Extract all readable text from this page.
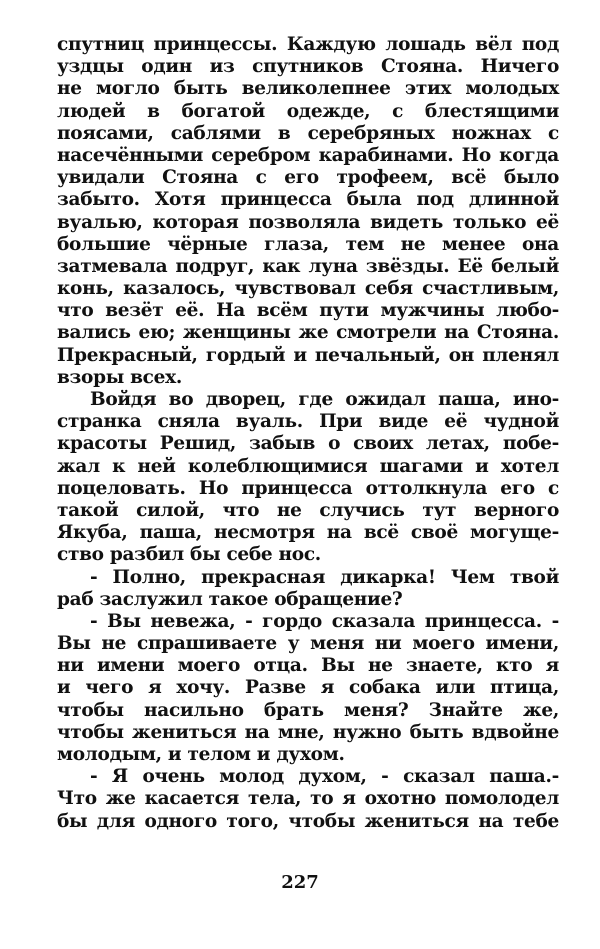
спутниц принцессы. Каждую лошадь вёл под
уздцы один из спутников Стояна. Ничего
не могло быть великолепнее этих молодых
людей в богатой одежде, с блестящими
поясами, саблями в серебряных ножнах с
насечёнными серебром карабинами. Но когда
увидали Стояна с его трофеем, всё было
забыто. Хотя принцесса была под длинной
вуалью, которая позволяла видеть только её
большие чёрные глаза, тем не менее она
затмевала подруг, как луна звёзды. Её белый
конь, казалось, чувствовал себя счастливым,
что везёт её. На всём пути мужчины любо-
вались ею; женщины же смотрели на Стояна.
Прекрасный, гордый и печальный, он пленял
взоры всех.
Войдя во дворец, где ожидал паша, ино-
странка сняла вуаль. При виде её чудной
красоты Решид, забыв о своих летах, побе-
жал к ней колеблющимися шагами и хотел
поцеловать. Но принцесса оттолкнула его с
такой силой, что не случись тут верного
Якуба, паша, несмотря на всё своё могуще-
ство разбил бы себе нос.
- Полно, прекрасная дикарка! Чем твой
раб заслужил такое обращение?
- Вы невежа, - гордо сказала принцесса. -
Вы не спрашиваете у меня ни моего имени,
ни имени моего отца. Вы не знаете, кто я
и чего я хочу. Разве я собака или птица,
чтобы насильно брать меня? Знайте же,
чтобы жениться на мне, нужно быть вдвойне
молодым, и телом и духом.
- Я очень молод духом, - сказал паша.-
Что же касается тела, то я охотно помолодел
бы для одного того, чтобы жениться на тебе
227
